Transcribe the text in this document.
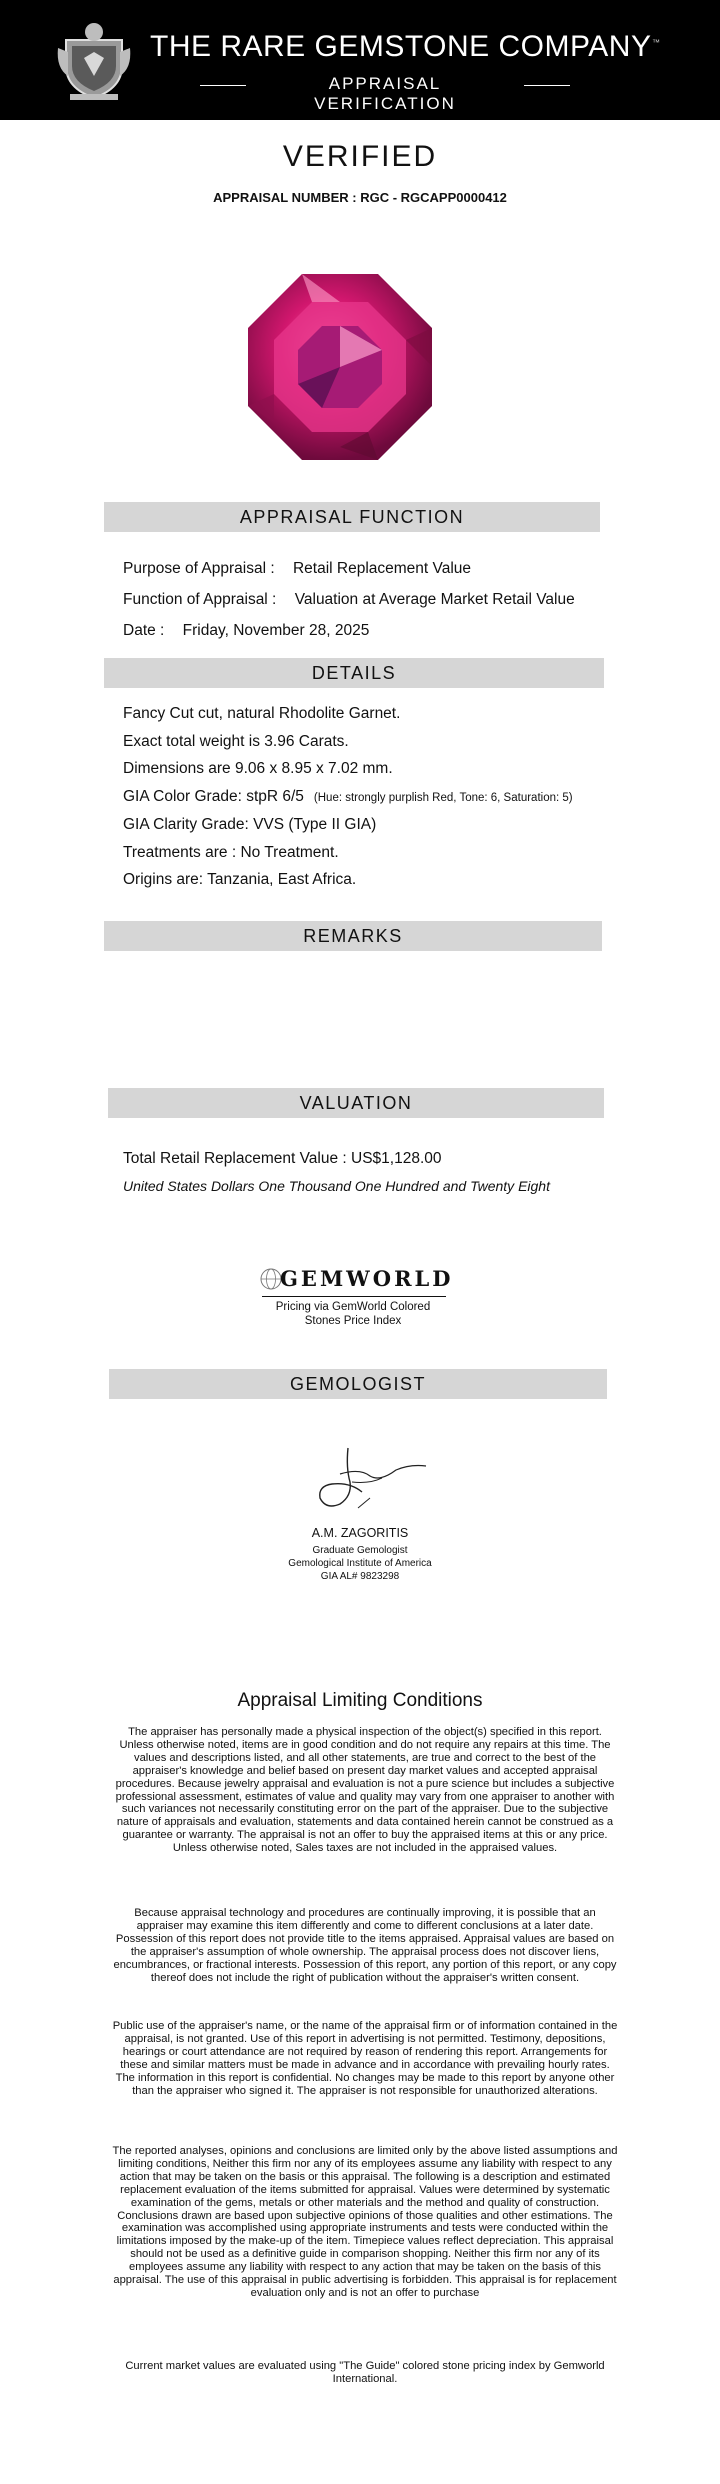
THE RARE GEMSTONE COMPANY ™
APPRAISAL VERIFICATION
VERIFIED
APPRAISAL NUMBER : RGC - RGCAPP0000412
APPRAISAL FUNCTION
Purpose of Appraisal : Retail Replacement Value
Function of Appraisal : Valuation at Average Market Retail Value
Date : Friday, November 28, 2025
DETAILS
Fancy Cut cut, natural Rhodolite Garnet.
Exact total weight is 3.96 Carats.
Dimensions are 9.06 x 8.95 x 7.02 mm.
GIA Color Grade: stpR 6/5 (Hue: strongly purplish Red, Tone: 6, Saturation: 5)
GIA Clarity Grade: VVS (Type II GIA)
Treatments are : No Treatment.
Origins are: Tanzania, East Africa.
REMARKS
VALUATION
Total Retail Replacement Value : US$1,128.00
United States Dollars One Thousand One Hundred and Twenty Eight
GEMWORLD
Pricing via GemWorld Colored
Stones Price Index
GEMOLOGIST
A.M. ZAGORITIS
Graduate Gemologist
Gemological Institute of America
GIA AL# 9823298
Appraisal Limiting Conditions
The appraiser has personally made a physical inspection of the object(s) specified in this report. Unless otherwise noted, items are in good condition and do not require any repairs at this time. The values and descriptions listed, and all other statements, are true and correct to the best of the appraiser's knowledge and belief based on present day market values and accepted appraisal procedures. Because jewelry appraisal and evaluation is not a pure science but includes a subjective professional assessment, estimates of value and quality may vary from one appraiser to another with such variances not necessarily constituting error on the part of the appraiser. Due to the subjective nature of appraisals and evaluation, statements and data contained herein cannot be construed as a guarantee or warranty. The appraisal is not an offer to buy the appraised items at this or any price. Unless otherwise noted, Sales taxes are not included in the appraised values.
Because appraisal technology and procedures are continually improving, it is possible that an appraiser may examine this item differently and come to different conclusions at a later date. Possession of this report does not provide title to the items appraised. Appraisal values are based on the appraiser's assumption of whole ownership. The appraisal process does not discover liens, encumbrances, or fractional interests. Possession of this report, any portion of this report, or any copy thereof does not include the right of publication without the appraiser's written consent.
Public use of the appraiser's name, or the name of the appraisal firm or of information contained in the appraisal, is not granted. Use of this report in advertising is not permitted. Testimony, depositions, hearings or court attendance are not required by reason of rendering this report. Arrangements for these and similar matters must be made in advance and in accordance with prevailing hourly rates. The information in this report is confidential. No changes may be made to this report by anyone other than the appraiser who signed it. The appraiser is not responsible for unauthorized alterations.
The reported analyses, opinions and conclusions are limited only by the above listed assumptions and limiting conditions, Neither this firm nor any of its employees assume any liability with respect to any action that may be taken on the basis or this appraisal. The following is a description and estimated replacement evaluation of the items submitted for appraisal. Values were determined by systematic examination of the gems, metals or other materials and the method and quality of construction. Conclusions drawn are based upon subjective opinions of those qualities and other estimations. The examination was accomplished using appropriate instruments and tests were conducted within the limitations imposed by the make-up of the item. Timepiece values reflect depreciation. This appraisal should not be used as a definitive guide in comparison shopping. Neither this firm nor any of its employees assume any liability with respect to any action that may be taken on the basis of this appraisal. The use of this appraisal in public advertising is forbidden. This appraisal is for replacement evaluation only and is not an offer to purchase
Current market values are evaluated using "The Guide" colored stone pricing index by Gemworld International.
